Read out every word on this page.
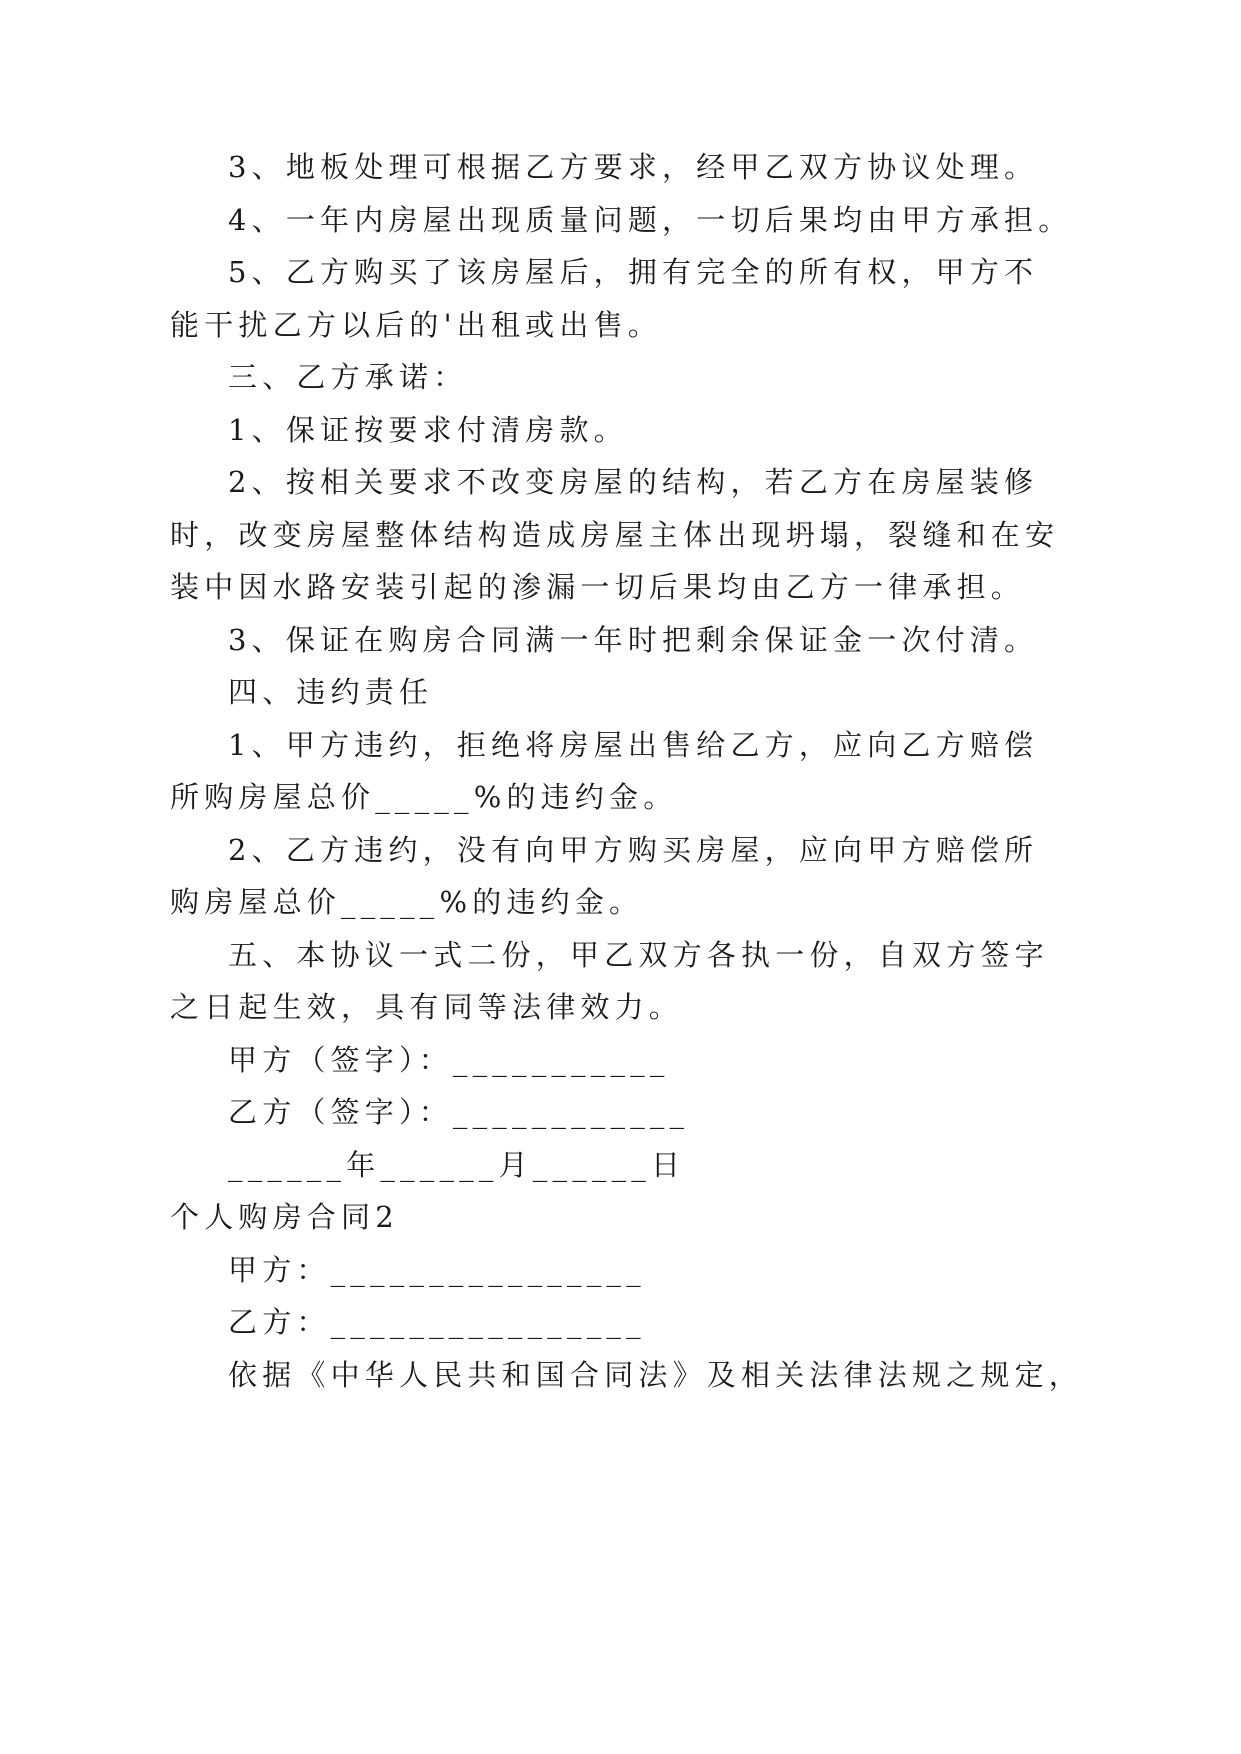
3、地板处理可根据乙方要求，经甲乙双方协议处理。
4、一年内房屋出现质量问题，一切后果均由甲方承担。
5、乙方购买了该房屋后，拥有完全的所有权，甲方不
能干扰乙方以后的'出租或出售。
三、乙方承诺：
1、保证按要求付清房款。
2、按相关要求不改变房屋的结构，若乙方在房屋装修
时，改变房屋整体结构造成房屋主体出现坍塌，裂缝和在安
装中因水路安装引起的渗漏一切后果均由乙方一律承担。
3、保证在购房合同满一年时把剩余保证金一次付清。
四、违约责任
1、甲方违约，拒绝将房屋出售给乙方，应向乙方赔偿
所购房屋总价_____%的违约金。
2、乙方违约，没有向甲方购买房屋，应向甲方赔偿所
购房屋总价_____%的违约金。
五、本协议一式二份，甲乙双方各执一份，自双方签字
之日起生效，具有同等法律效力。
甲方（签字）：___________
乙方（签字）：____________
______年______月______日
个人购房合同2
甲方：________________
乙方：________________
依据《中华人民共和国合同法》及相关法律法规之规定，
